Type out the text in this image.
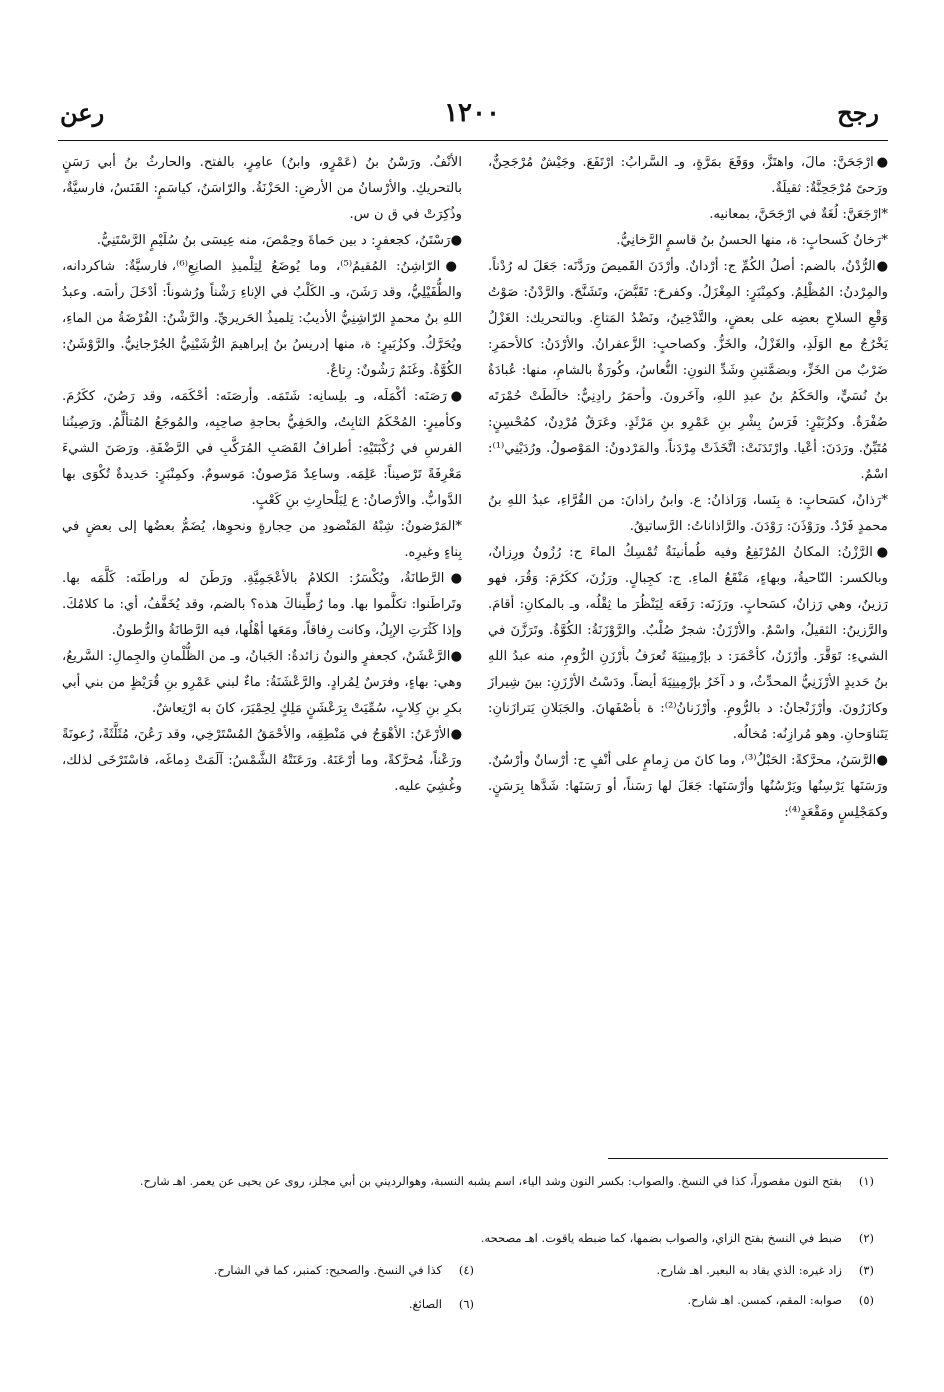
رجح
١٢٠٠
رعن

●ارْجَحَنَّ: مالَ، واهتَزَّ، ووَقَعَ بمَرَّةٍ، وـ السَّرابُ: ارْتَفَعَ. وجَيْشٌ مُرْجَحِنٌّ، ورَحىً مُرْجَحِنَّةٌ: ثقيلَةٌ.

*ارْجَعَنَّ: لُغَةٌ في ارْجَحَنَّ، بمعانيه.

*رَخانُ كَسحابٍ: ة، منها الحسنُ بنُ قاسمٍ الرَّخانِيُّ.

●الرُّدْنُ، بالضم: أصلُ الكُمِّ ج: أرْدانٌ. وأرْدَنَ القَميصَ ورَدَّنَه: جَعَلَ له رُدْناً. والمِرْدنُ: المُظْلِمُ. وكمِنْبَرٍ: المِغْزَلُ. وكفرحَ: تَقَبَّضَ، وتَشَنَّجَ. والرَّدْنُ: صَوْتُ وَقْعِ السلاحِ بعضِه على بعضٍ، والتَّدْخِينُ، ونَضْدُ المَتاعِ. وبالتحريك: الغَزْلُ يَخْرُجُ مع الوَلَدِ، والغَزْلُ، والخَزُّ. وكصاحبٍ: الزَّعفرانُ. والأرْدَنُ: كالأحمَرِ: ضَرْبٌ من الخَزِّ، وبضمَّتينِ وشَدِّ النونِ: النُّعاسُ، وكُورَةٌ بالشامِ، منها: عُبادَةُ بنُ نُسَيٍّ، والحَكَمُ بنُ عبدِ اللهِ، وآخَرونَ. وأحمَرُ رادِنِيٌّ: خالَطَتْ حُمْرَتَه صُفْرَةٌ. وكزُبَيْرٍ: فَرَسُ بِشْرِ بنِ عَمْرِو بنِ مَرْثَدٍ. وعَرَقٌ مُرْدِنٌ، كمُحْسِنٍ: مُتَيِّنٌ. ورَدَنَ: أعْيا. وارْتَدَنَتْ: اتَّخَذَتْ مِرْدَناً. والمَرْدونُ: المَوْصولُ. ورُدَيْنِي⁽¹⁾: اسْمٌ.

*رَذانُ، كسَحابٍ: ة بِنَسا، وَرَاذانُ: ع. وابنُ راذانَ: من القُرَّاءِ، عبدُ اللهِ بنُ محمدٍ فَرْدٌ. ورَوْذَنَ: رَوْدَنَ. والرَّاذاناتُ: الرَّساتيقُ.

●الرَّزْنُ: المكانُ المُرْتَفِعُ وفيه طُمأنينَةٌ تُمْسِكُ الماءَ ج: رُزُونٌ ورِزانٌ، وبالكسر: النّاحيةُ، وبهاءٍ، مَنْقَعُ الماءِ. ج: كجِبالٍ. ورَزُنَ، ككَرُمَ: وَقُرَ، فهو رَزينٌ، وهي رَزانٌ، كسَحابٍ. ورَزَنَه: رَفَعَه لِيَنْظُرَ ما ثِقْلُه، وـ بالمكانِ: أقامَ. والرَّزينُ: الثقيلُ، واسْمٌ. والأرْزَنُ: شجرٌ صُلْبٌ. والرَّوْزَنَةُ: الكُوَّةُ. وتَرَزَّنَ في الشيءِ: تَوَقَّرَ. وأرْزَنُ، كأحْمَرَ: د بإرْمِينِيَةَ تُعرَفُ بأرْزَنِ الرُّومِ، منه عبدُ اللهِ بنُ حَديدٍ الأرْزَنِيُّ المحدِّثُ، و د آخَرُ بإرْمِينِيَةَ أيضاً. ودَسْتُ الأرْزَنِ: بينَ شِيرازَ وكازَرُونَ. وأرْزَنْجانُ: د بالرُّومِ. وأرْزَنانُ⁽²⁾: ة بأصْفَهانَ. والجَبَلانِ يَترازَنانِ: يَتَناوَحانِ. وهو مُرازِنُه: مُخالُه.

●الرَّسَنُ، محرَّكةً: الحَبْلُ⁽³⁾، وما كانَ من زِمامٍ على أنْفٍ ج: أرْسانٌ وأرْسُنٌ. ورَسَنَها يَرْسِنُها ويَرْسُنُها وأرْسَنَها: جَعَلَ لها رَسَناً، أو رَسَنَها: شَدَّها بِرَسَنٍ. وكمَجْلِسٍ ومَقْعَدٍ⁽⁴⁾:

الأنْفُ. ورَسْنُ بنُ (عَمْرٍو، وابنُ) عامِرٍ، بالفتح. والحارثُ بنُ أبي رَسَنٍ بالتحريكِ. والأرْسانُ من الأرضِ: الحَزْنَةُ. والرّاسَنُ، كياسَمٍ: القَنَسُ، فارسيَّةٌ، وذُكِرَتْ في ق ن س.

●رَسْتَنُ، كجعفرٍ: د بين حَماةَ وحِمْصَ، منه عِيسَى بنُ سُلَيْمٍ الرَّسْتَنِيُّ.

●الرّاشِنُ: المُقيمُ⁽⁵⁾، وما يُوضَعُ لِتِلْميذِ الصانِعِ⁽⁶⁾، فارسيَّةٌ: شاكردانه، والطُّفَيْلِيُّ، وقد رَشَنَ، وـ الكَلْبُ في الإناءِ رَشْناً ورُشوناً: أدْخَلَ رأسَه. وعبدُ اللهِ بنُ محمدٍ الرّاشِنِيُّ الأديبُ: تِلميذُ الحَريريِّ. والرَّشْنُ: الفُرْضَةُ من الماءِ، ويُحَرَّكُ. وكزُبَيرٍ: ة، منها إدريسُ بنُ إبراهيمَ الرُّشَيْنِيُّ الجُرْجانِيُّ. والرَّوْشَنُ: الكُوَّةُ. وغَنَمٌ رَشُونٌ: رِتاعٌ.

●رَصَنَه: أكْمَلَه، وـ بلِسانِه: شَتَمَه. وأرصَنَه: أحْكَمَه، وقد رَصُنَ، ككَرُمَ. وكأميرٍ: المُحْكَمُ الثابِتُ، والحَفِيُّ بحاجةِ صاحِبِه، والمُوجَعُ المُتألِّمُ. ورَصِينُنا الفرسِ في رُكْبَتَيْهِ: أطرافُ القَصَبِ المُرَكَّبِ في الرَّضْفَةِ. ورَصَنَ الشيءَ مَعْرِفَةً تَرْصيناً: عَلِمَه. وساعِدٌ مَرْصونٌ: مَوسومٌ. وكمِنْبَرٍ: حَديدةٌ تُكْوَى بها الدَّوابُّ. والأرْصانُ: ع لِبَلْحارِثِ بنِ كَعْبٍ.

*المَرْضونُ: شِبْهُ المَنْضودِ من حِجارةٍ ونحوِها، يُضَمُّ بعضُها إلى بعضٍ في بِناءٍ وغيرِه.

●الرَّطانَةُ، ويُكْسَرُ: الكلامُ بالأعْجَمِيَّةِ. ورَطَنَ له وراطَنَه: كَلَّمَه بها. وتَراطَنوا: تكلَّموا بها. وما رُطِّيناكَ هذه؟ بالضم، وقد يُخَفَّفُ، أي: ما كلامُكَ. وإذا كَثُرَتِ الإبِلُ، وكانت رِفاقاً، ومَعَها أهْلُها، فيه الرَّطانَةُ والرُّطونُ.

●الرَّعْشَنُ، كجعفرٍ والنونُ زائدةٌ: الجَبانُ، وـ من الظُّلْمانِ والجِمالِ: السَّريعُ، وهي: بهاءٍ، وفرَسٌ لِمُرادٍ. والرَّعْشَنَةُ: ماءٌ لبني عَمْرِو بنِ قُرَيْظٍ من بني أبي بكرِ بنِ كِلابٍ، سُمِّيَتْ بِرَعْشَنٍ مَلِكٍ لِحِمْيَرَ، كانَ به ارْتِعاشٌ.

●الأرْعَنُ: الأهْوَجُ في مَنْطِقِه، والأحْمَقُ المُسْتَرْخِي، وقد رَعُنَ، مُثَلَّثَةً، رُعونَةً ورَعْناً، مُحرَّكةً، وما أرْعَنَهُ. ورَعَنَتْهُ الشَّمْسُ: آلَمَتْ دِماغَه، فاسْتَرْخَى لذلك، وغُشِيَ عليه.

(١)بفتح النون مقصوراً، كذا في النسخ. والصواب: بكسر النون وشد الياء، اسم يشبه النسبة، وهوالرديني بن أبي مجلز، روى عن يحيى عن يعمر. اهـ شارح.
(٢)ضبط في النسخ بفتح الزاي، والصواب بضمها، كما ضبطه ياقوت. اهـ مصححه.
(٣)زاد غيره: الذي يقاد به البعير. اهـ شارح.
(٤)كذا في النسخ. والصحيح: كمنبر، كما في الشارح.
(٥)صوابه: المقم، كمسن. اهـ شارح.
(٦)الصائغ.
